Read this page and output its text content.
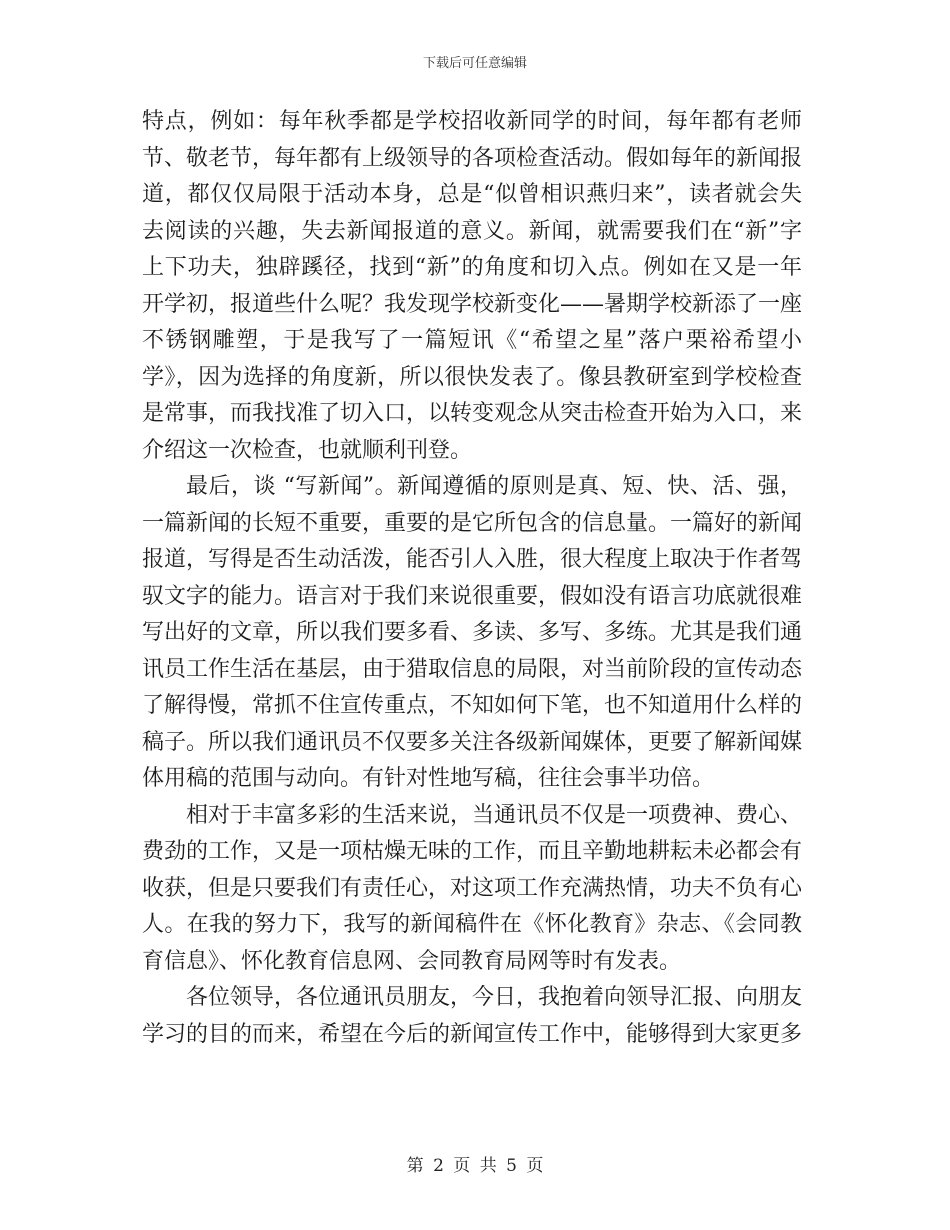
下载后可任意编辑

特点，例如：每年秋季都是学校招收新同学的时间，每年都有老师节、敬老节，每年都有上级领导的各项检查活动。假如每年的新闻报道，都仅仅局限于活动本身，总是“似曾相识燕归来”，读者就会失去阅读的兴趣，失去新闻报道的意义。新闻，就需要我们在“新”字上下功夫，独辟蹊径，找到“新”的角度和切入点。例如在又是一年开学初，报道些什么呢？我发现学校新变化——暑期学校新添了一座不锈钢雕塑，于是我写了一篇短讯《“希望之星”落户栗裕希望小学》，因为选择的角度新，所以很快发表了。像县教研室到学校检查是常事，而我找准了切入口，以转变观念从突击检查开始为入口，来介绍这一次检查，也就顺利刊登。

最后，谈 “写新闻”。新闻遵循的原则是真、短、快、活、强，一篇新闻的长短不重要，重要的是它所包含的信息量。一篇好的新闻报道，写得是否生动活泼，能否引人入胜，很大程度上取决于作者驾驭文字的能力。语言对于我们来说很重要，假如没有语言功底就很难写出好的文章，所以我们要多看、多读、多写、多练。尤其是我们通讯员工作生活在基层，由于猎取信息的局限，对当前阶段的宣传动态了解得慢，常抓不住宣传重点，不知如何下笔，也不知道用什么样的稿子。所以我们通讯员不仅要多关注各级新闻媒体，更要了解新闻媒体用稿的范围与动向。有针对性地写稿，往往会事半功倍。

相对于丰富多彩的生活来说，当通讯员不仅是一项费神、费心、费劲的工作，又是一项枯燥无味的工作，而且辛勤地耕耘未必都会有收获，但是只要我们有责任心，对这项工作充满热情，功夫不负有心人。在我的努力下，我写的新闻稿件在《怀化教育》杂志、《会同教育信息》、怀化教育信息网、会同教育局网等时有发表。

各位领导，各位通讯员朋友，今日，我抱着向领导汇报、向朋友学习的目的而来，希望在今后的新闻宣传工作中，能够得到大家更多

第 2 页 共 5 页
